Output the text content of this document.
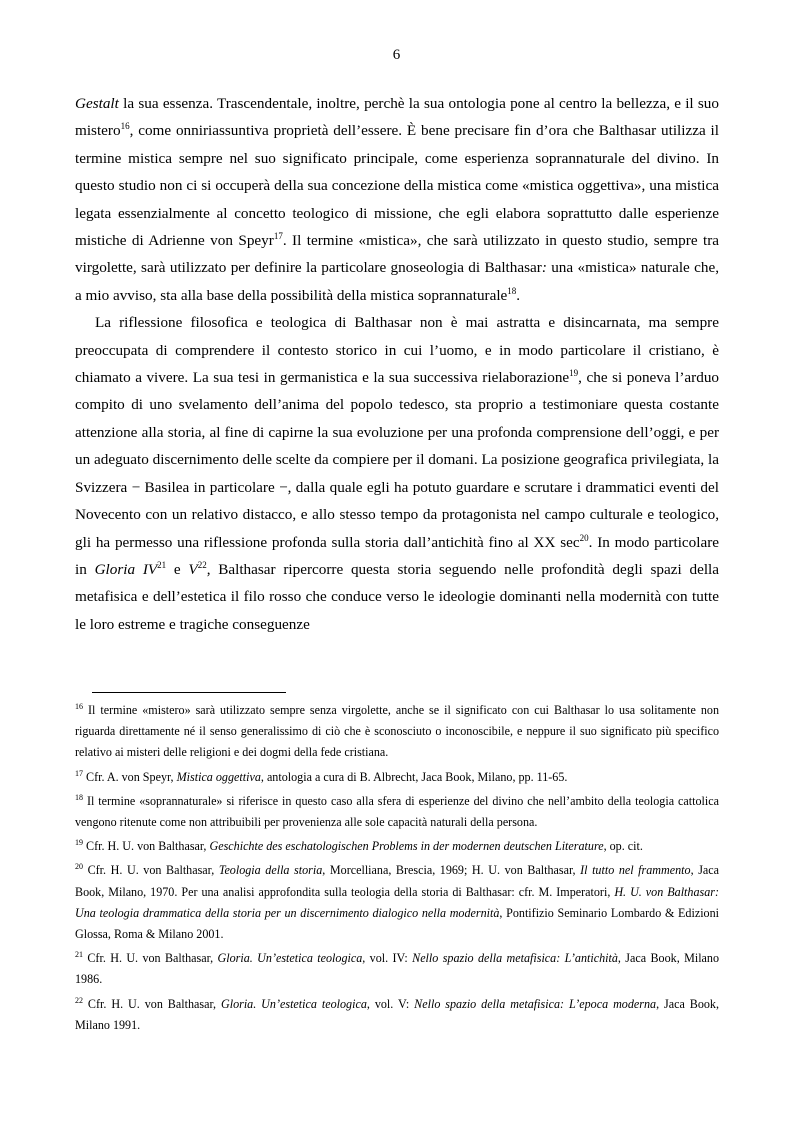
6

Gestalt la sua essenza. Trascendentale, inoltre, perchè la sua ontologia pone al centro la bellezza, e il suo mistero$^{16}$, come onniriassuntiva proprietà dell’essere. È bene precisare fin d’ora che Balthasar utilizza il termine mistica sempre nel suo significato principale, come esperienza soprannaturale del divino. In questo studio non ci si occuperà della sua concezione della mistica come «mistica oggettiva», una mistica legata essenzialmente al concetto teologico di missione, che egli elabora soprattutto dalle esperienze mistiche di Adrienne von Speyr$^{17}$. Il termine «mistica», che sarà utilizzato in questo studio, sempre tra virgolette, sarà utilizzato per definire la particolare gnoseologia di Balthasar: una «mistica» naturale che, a mio avviso, sta alla base della possibilità della mistica soprannaturale$^{18}$.

La riflessione filosofica e teologica di Balthasar non è mai astratta e disincarnata, ma sempre preoccupata di comprendere il contesto storico in cui l’uomo, e in modo particolare il cristiano, è chiamato a vivere. La sua tesi in germanistica e la sua successiva rielaborazione$^{19}$, che si poneva l’arduo compito di uno svelamento dell’anima del popolo tedesco, sta proprio a testimoniare questa costante attenzione alla storia, al fine di capirne la sua evoluzione per una profonda comprensione dell’oggi, e per un adeguato discernimento delle scelte da compiere per il domani. La posizione geografica privilegiata, la Svizzera − Basilea in particolare −, dalla quale egli ha potuto guardare e scrutare i drammatici eventi del Novecento con un relativo distacco, e allo stesso tempo da protagonista nel campo culturale e teologico, gli ha permesso una riflessione profonda sulla storia dall’antichità fino al XX $\sec^{20}$. In modo particolare in Gloria IV$^{21}$ e $V^{22}$, Balthasar ripercorre questa storia seguendo nelle profondità degli spazi della metafisica e dell’estetica il filo rosso che conduce verso le ideologie dominanti nella modernità con tutte le loro estreme e tragiche conseguenze

$^{16}$ Il termine «mistero» sarà utilizzato sempre senza virgolette, anche se il significato con cui Balthasar lo usa solitamente non riguarda direttamente né il senso generalissimo di ciò che è sconosciuto o inconoscibile, e neppure il suo significato più specifico relativo ai misteri delle religioni e dei dogmi della fede cristiana.
$^{17}$ Cfr. A. von Speyr, Mistica oggettiva, antologia a cura di B. Albrecht, Jaca Book, Milano, pp. 11-65.
$^{18}$ Il termine «soprannaturale» si riferisce in questo caso alla sfera di esperienze del divino che nell’ambito della teologia cattolica vengono ritenute come non attribuibili per provenienza alle sole capacità naturali della persona.
$^{19}$ Cfr. H. U. von Balthasar, Geschichte des eschatologischen Problems in der modernen deutschen Literature, op. cit.
$^{20}$ Cfr. H. U. von Balthasar, Teologia della storia, Morcelliana, Brescia, 1969; H. U. von Balthasar, Il tutto nel frammento, Jaca Book, Milano, 1970. Per una analisi approfondita sulla teologia della storia di Balthasar: cfr. M. Imperatori, H. U. von Balthasar: Una teologia drammatica della storia per un discernimento dialogico nella modernità, Pontifizio Seminario Lombardo & Edizioni Glossa, Roma & Milano 2001.
$^{21}$ Cfr. H. U. von Balthasar, Gloria. Un’estetica teologica, vol. IV: Nello spazio della metafisica: L’antichità, Jaca Book, Milano 1986.
$^{22}$ Cfr. H. U. von Balthasar, Gloria. Un’estetica teologica, vol. V: Nello spazio della metafisica: L’epoca moderna, Jaca Book, Milano 1991.
